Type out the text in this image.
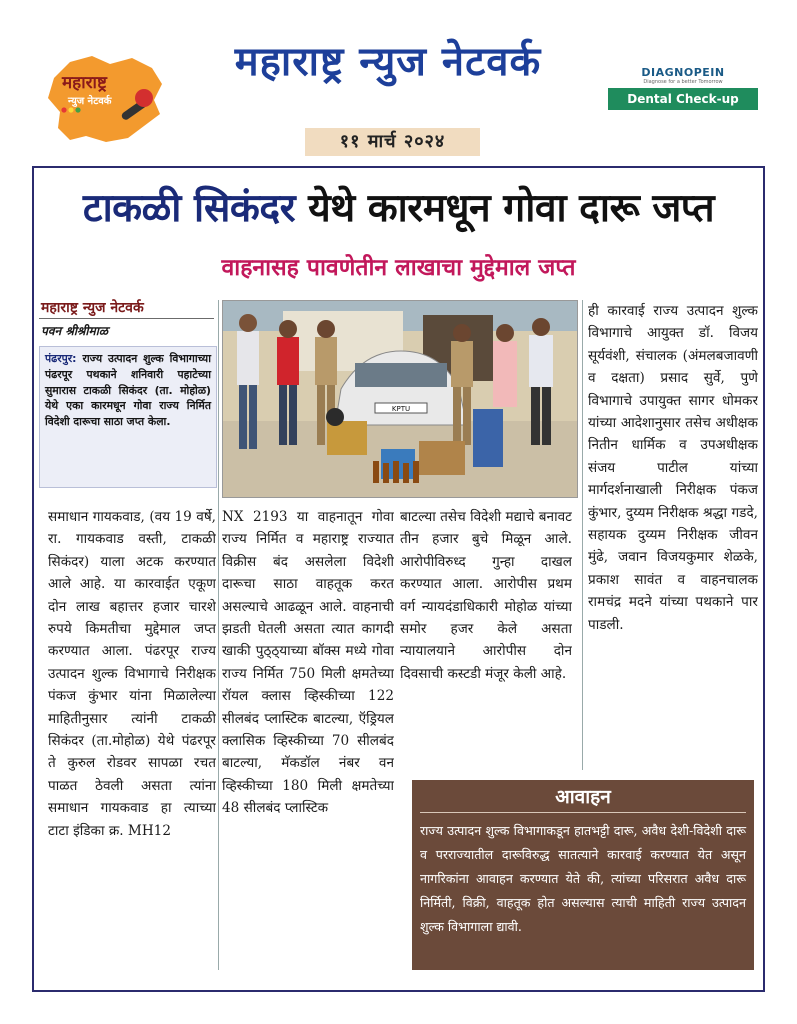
महाराष्ट्र
न्युज नेटवर्क
महाराष्ट्र न्युज नेटवर्क
११ मार्च २०२४
DIAGNOPEIN
Diagnose for a better Tomorrow
Dental Check-up ₹50/-
टाकळी सिकंदर येथे कारमधून गोवा दारू जप्त
वाहनासह पावणेतीन लाखाचा मुद्देमाल जप्त
महाराष्ट्र न्युज नेटवर्क
पवन श्रीश्रीमाळ

पंढरपुर: राज्य उत्पादन शुल्क विभागाच्या पंढरपूर पथकाने शनिवारी पहाटेच्या सुमारास टाकळी सिकंदर (ता. मोहोळ) येथे एका कारमधून गोवा राज्य निर्मित विदेशी दारूचा साठा जप्त केला.

KPTU
समाधान गायकवाड, (वय 19 वर्षे, रा. गायकवाड वस्ती, टाकळी सिकंदर) याला अटक करण्यात आले आहे. या कारवाईत एकूण दोन लाख बहात्तर हजार चारशे रुपये किमतीचा मुद्देमाल जप्त करण्यात आला. पंढरपूर राज्य उत्पादन शुल्क विभागाचे निरीक्षक पंकज कुंभार यांना मिळालेल्या माहितीनुसार त्यांनी टाकळी सिकंदर (ता.मोहोळ) येथे पंढरपूर ते कुरुल रोडवर सापळा रचत पाळत ठेवली असता त्यांना समाधान गायकवाड हा त्याच्या टाटा इंडिका क्र. MH12
NX 2193 या वाहनातून गोवा राज्य निर्मित व महाराष्ट्र राज्यात विक्रीस बंद असलेला विदेशी दारूचा साठा वाहतूक करत असल्याचे आढळून आले. वाहनाची झडती घेतली असता त्यात कागदी खाकी पुठ्ठ्याच्या बॉक्स मध्ये गोवा राज्य निर्मित 750 मिली क्षमतेच्या रॉयल क्लास व्हिस्कीच्या 122 सीलबंद प्लास्टिक बाटल्या, ऍड्रियल क्लासिक व्हिस्कीच्या 70 सीलबंद बाटल्या, मॅकडॉल नंबर वन व्हिस्कीच्या 180 मिली क्षमतेच्या 48 सीलबंद प्लास्टिक
बाटल्या तसेच विदेशी मद्याचे बनावट तीन हजार बुचे मिळून आले. आरोपीविरुध्द गुन्हा दाखल करण्यात आला. आरोपीस प्रथम वर्ग न्यायदंडाधिकारी मोहोळ यांच्या समोर हजर केले असता न्यायालयाने आरोपीस दोन दिवसाची कस्टडी मंजूर केली आहे.
ही कारवाई राज्य उत्पादन शुल्क विभागाचे आयुक्त डॉ. विजय सूर्यवंशी, संचालक (अंमलबजावणी व दक्षता) प्रसाद सुर्वे, पुणे विभागाचे उपायुक्त सागर धोमकर यांच्या आदेशानुसार तसेच अधीक्षक नितीन धार्मिक व उपअधीक्षक संजय पाटील यांच्या मार्गदर्शनाखाली निरीक्षक पंकज कुंभार, दुय्यम निरीक्षक श्रद्धा गडदे, सहायक दुय्यम निरीक्षक जीवन मुंढे, जवान विजयकुमार शेळके, प्रकाश सावंत व वाहनचालक रामचंद्र मदने यांच्या पथकाने पार पाडली.
आवाहन

राज्य उत्पादन शुल्क विभागाकडून हातभट्टी दारू, अवैध देशी-विदेशी दारू व परराज्यातील दारूविरुद्ध सातत्याने कारवाई करण्यात येत असून नागरिकांना आवाहन करण्यात येते की, त्यांच्या परिसरात अवैध दारू निर्मिती, विक्री, वाहतूक होत असल्यास त्याची माहिती राज्य उत्पादन शुल्क विभागाला द्यावी.
